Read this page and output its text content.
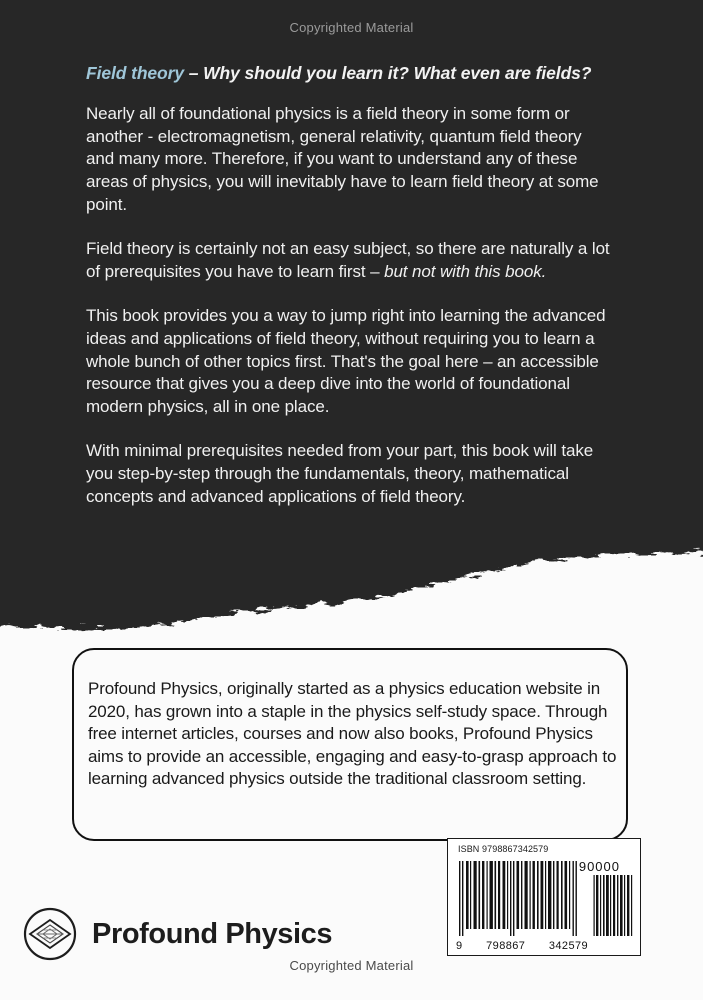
Copyrighted Material

Field theory – Why should you learn it? What even are fields?

Nearly all of foundational physics is a field theory in some form or another - electromagnetism, general relativity, quantum field theory and many more. Therefore, if you want to understand any of these areas of physics, you will inevitably have to learn field theory at some point.

Field theory is certainly not an easy subject, so there are naturally a lot of prerequisites you have to learn first – but not with this book.

This book provides you a way to jump right into learning the advanced ideas and applications of field theory, without requiring you to learn a whole bunch of other topics first. That's the goal here – an accessible resource that gives you a deep dive into the world of foundational modern physics, all in one place.

With minimal prerequisites needed from your part, this book will take you step-by-step through the fundamentals, theory, mathematical concepts and advanced applications of field theory.

Profound Physics, originally started as a physics education website in 2020, has grown into a staple in the physics self-study space. Through free internet articles, courses and now also books, Profound Physics aims to provide an accessible, engaging and easy-to-grasp approach to learning advanced physics outside the traditional classroom setting.

ISBN 9798867342579
90000
9 798867 342579
Profound Physics
Copyrighted Material
